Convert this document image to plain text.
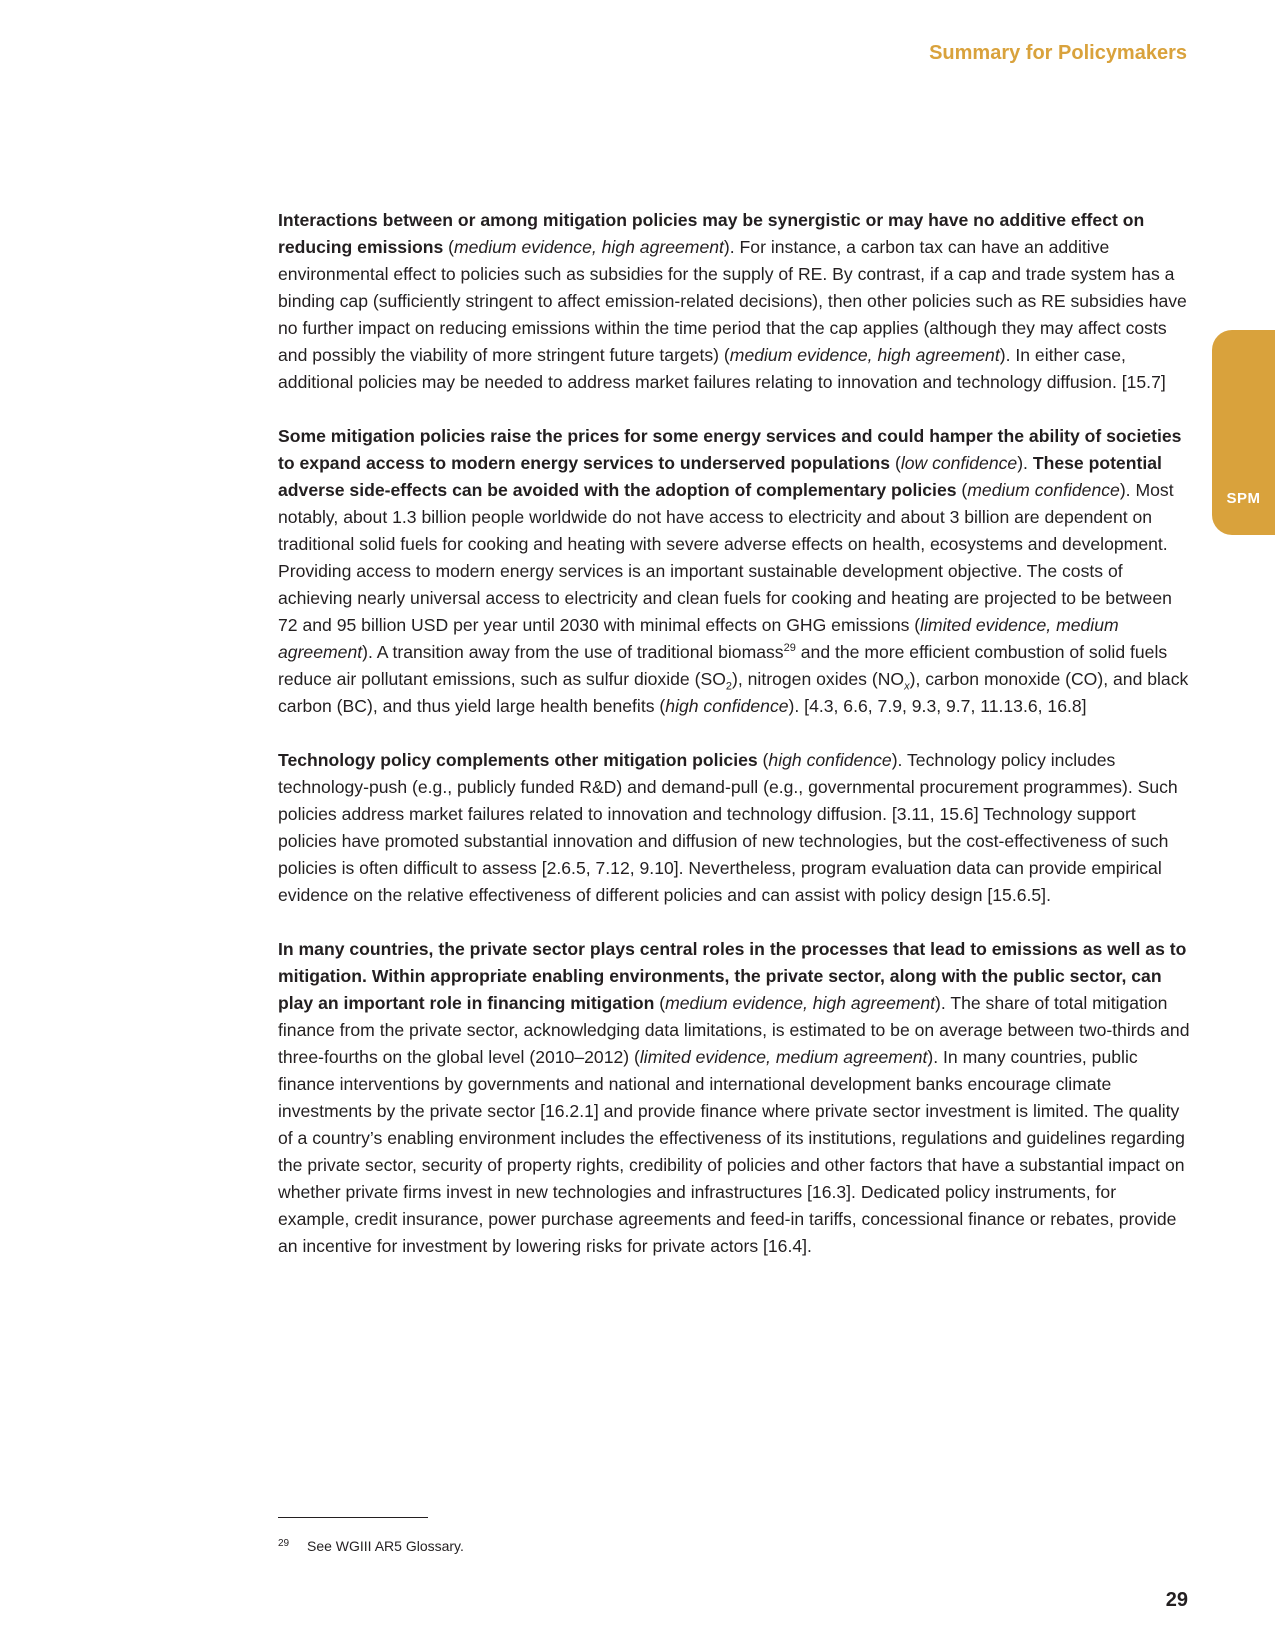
Summary for Policymakers
SPM

Interactions between or among mitigation policies may be synergistic or may have no additive effect on reducing emissions (medium evidence, high agreement). For instance, a carbon tax can have an additive environmental effect to policies such as subsidies for the supply of RE. By contrast, if a cap and trade system has a binding cap (sufficiently stringent to affect emission-related decisions), then other policies such as RE subsidies have no further impact on reducing emissions within the time period that the cap applies (although they may affect costs and possibly the viability of more stringent future targets) (medium evidence, high agreement). In either case, additional policies may be needed to address market failures relating to innovation and technology diffusion. [15.7]

Some mitigation policies raise the prices for some energy services and could hamper the ability of societies to expand access to modern energy services to underserved populations (low confidence). These potential adverse side-effects can be avoided with the adoption of complementary policies (medium confidence). Most notably, about 1.3 billion people worldwide do not have access to electricity and about 3 billion are dependent on traditional solid fuels for cooking and heating with severe adverse effects on health, ecosystems and development. Providing access to modern energy services is an important sustainable development objective. The costs of achieving nearly universal access to electricity and clean fuels for cooking and heating are projected to be between 72 and 95 billion USD per year until 2030 with minimal effects on GHG emissions (limited evidence, medium agreement). A transition away from the use of traditional biomass$^{29}$ and the more efficient combustion of solid fuels reduce air pollutant emissions, such as sulfur dioxide $(SO_2)$, nitrogen oxides $(NO_x)$, carbon monoxide (CO), and black carbon (BC), and thus yield large health benefits (high confidence). [4.3, 6.6, 7.9, 9.3, 9.7, 11.13.6, 16.8]

Technology policy complements other mitigation policies (high confidence). Technology policy includes technology-push (e.g., publicly funded R&D) and demand-pull (e.g., governmental procurement programmes). Such policies address market failures related to innovation and technology diffusion. [3.11, 15.6] Technology support policies have promoted substantial innovation and diffusion of new technologies, but the cost-effectiveness of such policies is often difficult to assess [2.6.5, 7.12, 9.10]. Nevertheless, program evaluation data can provide empirical evidence on the relative effectiveness of different policies and can assist with policy design [15.6.5].

In many countries, the private sector plays central roles in the processes that lead to emissions as well as to mitigation. Within appropriate enabling environments, the private sector, along with the public sector, can play an important role in financing mitigation (medium evidence, high agreement). The share of total mitigation finance from the private sector, acknowledging data limitations, is estimated to be on average between two-thirds and three-fourths on the global level (2010–2012) (limited evidence, medium agreement). In many countries, public finance interventions by governments and national and international development banks encourage climate investments by the private sector [16.2.1] and provide finance where private sector investment is limited. The quality of a country’s enabling environment includes the effectiveness of its institutions, regulations and guidelines regarding the private sector, security of property rights, credibility of policies and other factors that have a substantial impact on whether private firms invest in new technologies and infrastructures [16.3]. Dedicated policy instruments, for example, credit insurance, power purchase agreements and feed-in tariffs, concessional finance or rebates, provide an incentive for investment by lowering risks for private actors [16.4].

29 See WGIII AR5 Glossary.
29
